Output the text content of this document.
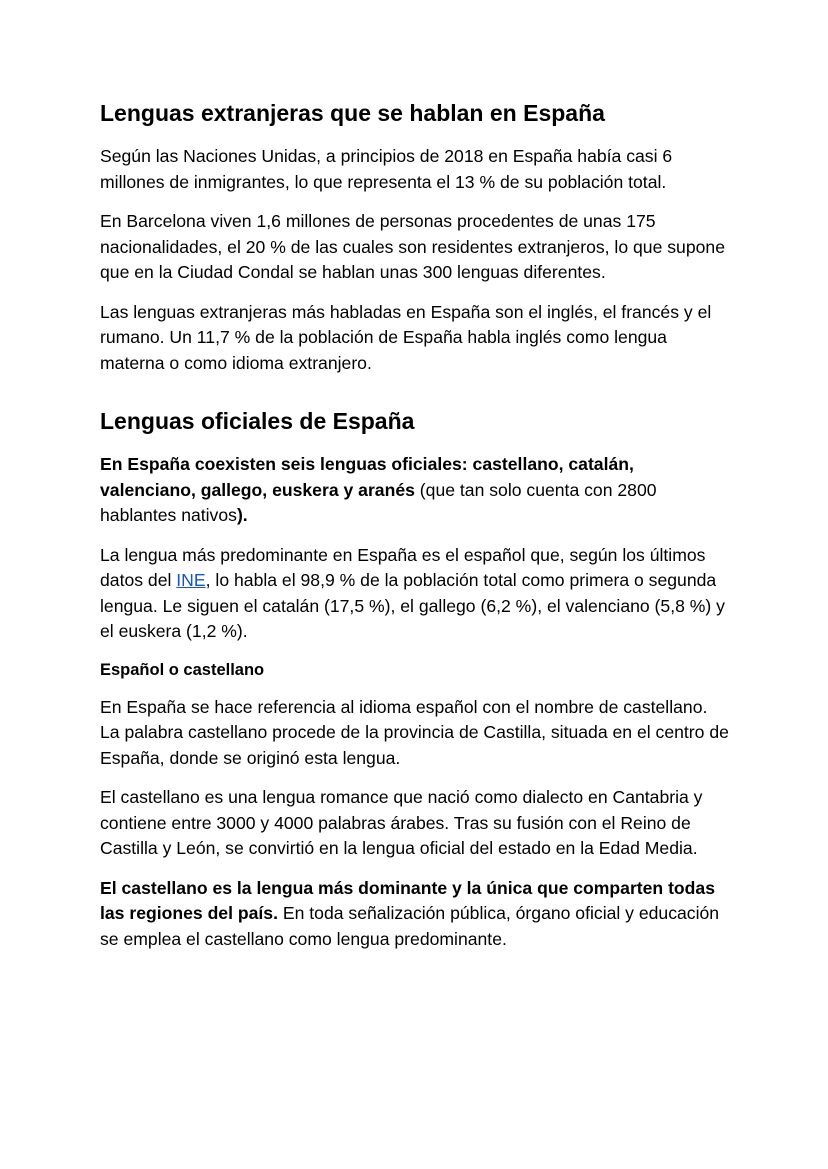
Lenguas extranjeras que se hablan en España

Según las Naciones Unidas, a principios de 2018 en España había casi 6 millones de inmigrantes, lo que representa el 13 % de su población total.

En Barcelona viven 1,6 millones de personas procedentes de unas 175 nacionalidades, el 20 % de las cuales son residentes extranjeros, lo que supone que en la Ciudad Condal se hablan unas 300 lenguas diferentes.

Las lenguas extranjeras más habladas en España son el inglés, el francés y el rumano. Un 11,7 % de la población de España habla inglés como lengua materna o como idioma extranjero.

Lenguas oficiales de España

En España coexisten seis lenguas oficiales: castellano, catalán, valenciano, gallego, euskera y aranés (que tan solo cuenta con 2800 hablantes nativos).

La lengua más predominante en España es el español que, según los últimos datos del INE, lo habla el 98,9 % de la población total como primera o segunda lengua. Le siguen el catalán (17,5 %), el gallego (6,2 %), el valenciano (5,8 %) y el euskera (1,2 %).

Español o castellano

En España se hace referencia al idioma español con el nombre de castellano. La palabra castellano procede de la provincia de Castilla, situada en el centro de España, donde se originó esta lengua.

El castellano es una lengua romance que nació como dialecto en Cantabria y contiene entre 3000 y 4000 palabras árabes. Tras su fusión con el Reino de Castilla y León, se convirtió en la lengua oficial del estado en la Edad Media.

El castellano es la lengua más dominante y la única que comparten todas las regiones del país. En toda señalización pública, órgano oficial y educación se emplea el castellano como lengua predominante.
